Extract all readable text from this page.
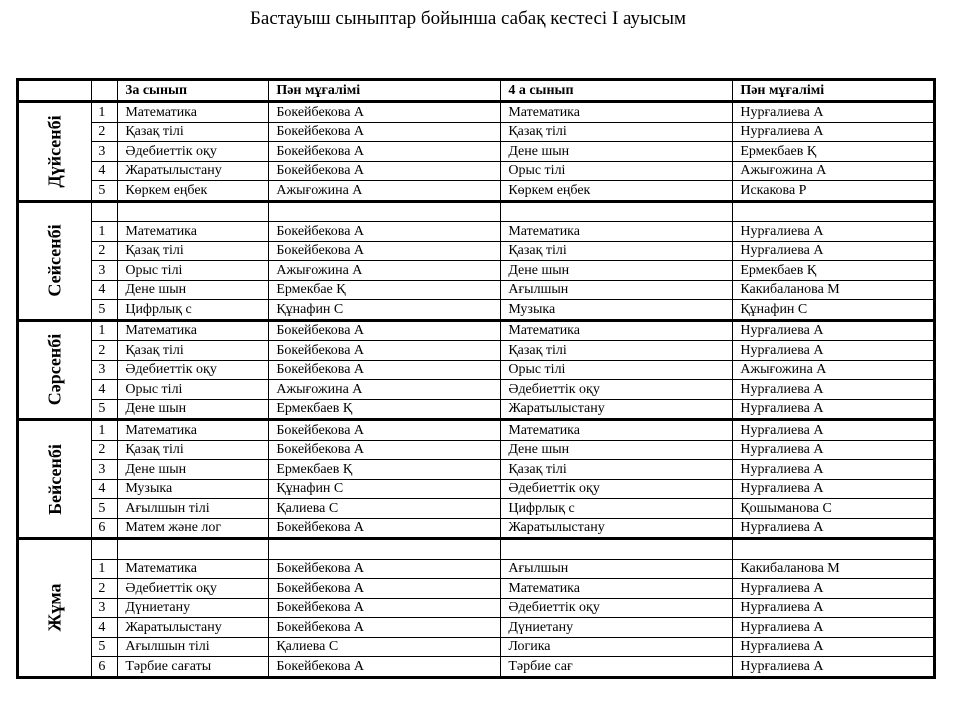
Бастауыш сыныптар бойынша сабақ кестесі І ауысым
		3а сынып	Пән мұғалімі	4 а сынып	Пән мұғалімі
Дүйсенбі	1	Математика	Бокейбекова А	Математика	Нурғалиева А
	2	Қазақ тілі	Бокейбекова А	Қазақ тілі	Нурғалиева А
	3	Әдебиеттік оқу	Бокейбекова А	Дене шын	Ермекбаев Қ
	4	Жаратылыстану	Бокейбекова А	Орыс тілі	Ажығожина А
	5	Көркем еңбек	Ажығожина А	Көркем еңбек	Искакова Р
Сейсенбі					
	1	Математика	Бокейбекова А	Математика	Нурғалиева А
	2	Қазақ тілі	Бокейбекова А	Қазақ тілі	Нурғалиева А
	3	Орыс тілі	Ажығожина А	Дене шын	Ермекбаев Қ
	4	Дене шын	Ермекбае Қ	Ағылшын	Какибаланова М
	5	Цифрлық с	Құнафин С	Музыка	Құнафин С
Сәрсенбі	1	Математика	Бокейбекова А	Математика	Нурғалиева А
	2	Қазақ тілі	Бокейбекова А	Қазақ тілі	Нурғалиева А
	3	Әдебиеттік оқу	Бокейбекова А	Орыс тілі	Ажығожина А
	4	Орыс тілі	Ажығожина А	Әдебиеттік оқу	Нурғалиева А
	5	Дене шын	Ермекбаев Қ	Жаратылыстану	Нурғалиева А
Бейсенбі	1	Математика	Бокейбекова А	Математика	Нурғалиева А
	2	Қазақ тілі	Бокейбекова А	Дене шын	Нурғалиева А
	3	Дене шын	Ермекбаев Қ	Қазақ тілі	Нурғалиева А
	4	Музыка	Құнафин С	Әдебиеттік оқу	Нурғалиева А
	5	Ағылшын тілі	Қалиева С	Цифрлық с	Қошыманова С
	6	Матем және лог	Бокейбекова А	Жаратылыстану	Нурғалиева А
Жұма					
	1	Математика	Бокейбекова А	Ағылшын	Какибаланова М
	2	Әдебиеттік оқу	Бокейбекова А	Математика	Нурғалиева А
	3	Дүниетану	Бокейбекова А	Әдебиеттік оқу	Нурғалиева А
	4	Жаратылыстану	Бокейбекова А	Дүниетану	Нурғалиева А
	5	Ағылшын тілі	Қалиева С	Логика	Нурғалиева А
	6	Тәрбие сағаты	Бокейбекова А	Тәрбие сағ	Нурғалиева А
